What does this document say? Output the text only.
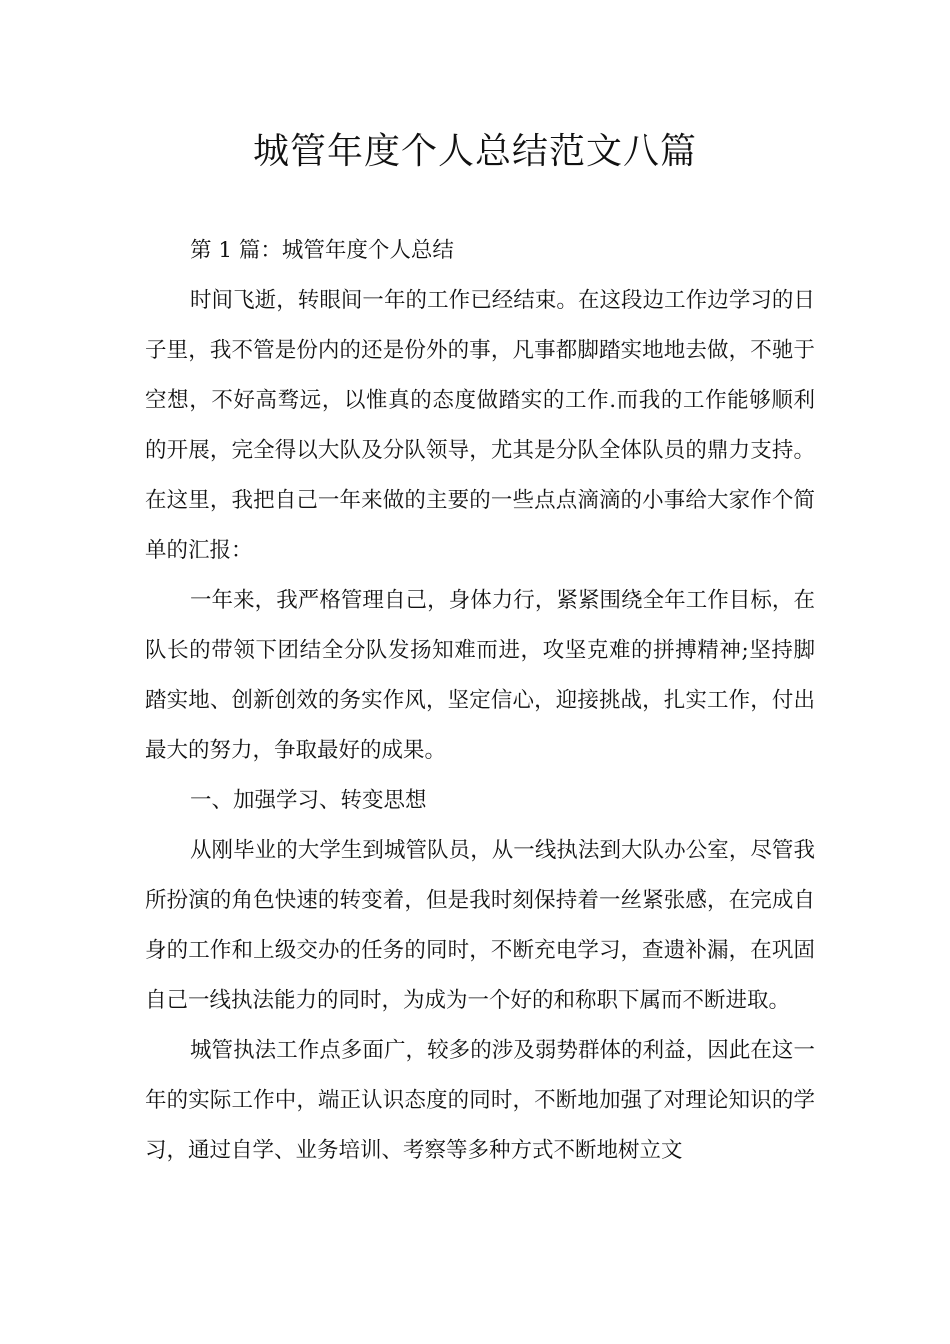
城管年度个人总结范文八篇

第 1 篇：城管年度个人总结

时间飞逝，转眼间一年的工作已经结束。在这段边工作边学习的日子里，我不管是份内的还是份外的事，凡事都脚踏实地地去做，不驰于空想，不好高骛远，以惟真的态度做踏实的工作.而我的工作能够顺利的开展，完全得以大队及分队领导，尤其是分队全体队员的鼎力支持。在这里，我把自己一年来做的主要的一些点点滴滴的小事给大家作个简单的汇报：

一年来，我严格管理自己，身体力行，紧紧围绕全年工作目标，在队长的带领下团结全分队发扬知难而进，攻坚克难的拼搏精神;坚持脚踏实地、创新创效的务实作风，坚定信心，迎接挑战，扎实工作，付出最大的努力，争取最好的成果。

一、加强学习、转变思想

从刚毕业的大学生到城管队员，从一线执法到大队办公室，尽管我所扮演的角色快速的转变着，但是我时刻保持着一丝紧张感，在完成自身的工作和上级交办的任务的同时，不断充电学习，查遗补漏，在巩固自己一线执法能力的同时，为成为一个好的和称职下属而不断进取。

城管执法工作点多面广，较多的涉及弱势群体的利益，因此在这一年的实际工作中，端正认识态度的同时，不断地加强了对理论知识的学习，通过自学、业务培训、考察等多种方式不断地树立文
